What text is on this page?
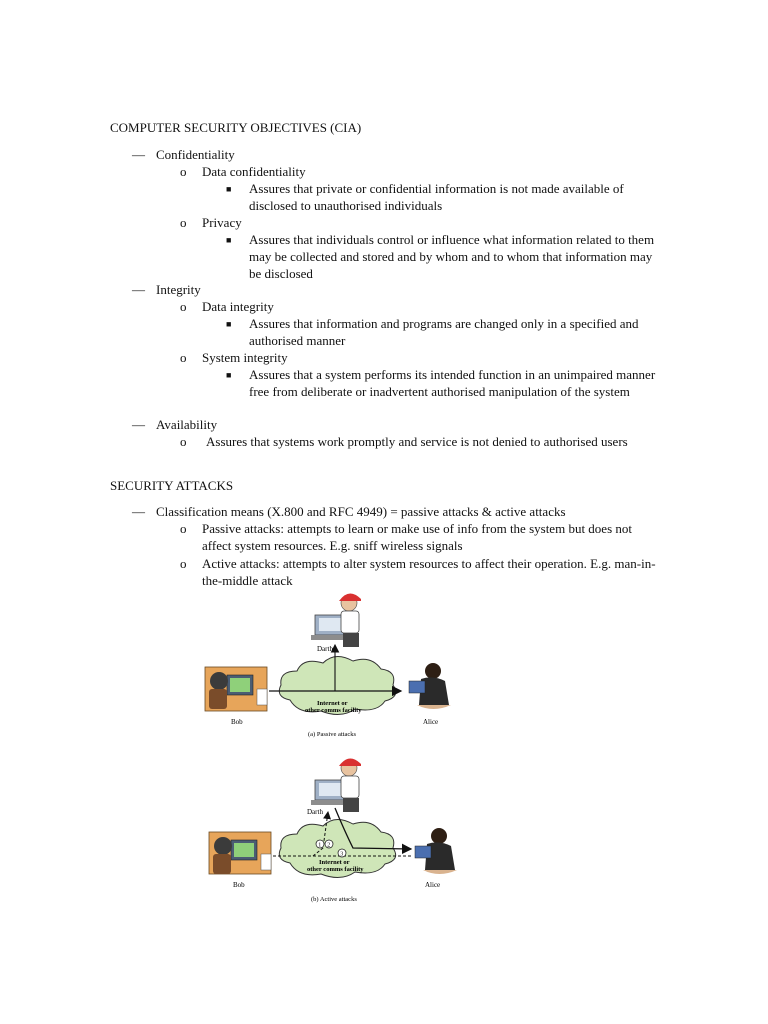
COMPUTER SECURITY OBJECTIVES (CIA)
— Confidentiality
o Data confidentiality
■ Assures that private or confidential information is not made available of disclosed to unauthorised individuals
o Privacy
■ Assures that individuals control or influence what information related to them may be collected and stored and by whom and to whom that information may be disclosed
— Integrity
o Data integrity
■ Assures that information and programs are changed only in a specified and authorised manner
o System integrity
■ Assures that a system performs its intended function in an unimpaired manner free from deliberate or inadvertent authorised manipulation of the system
— Availability
o	Assures that systems work promptly and service is not denied to authorised users
SECURITY ATTACKS
— Classification means (X.800 and RFC 4949) = passive attacks & active attacks
o Passive attacks: attempts to learn or make use of info from the system but does not affect system resources. E.g. sniff wireless signals
o Active attacks: attempts to alter system resources to affect their operation. E.g. man-in-the-middle attack
Darth
Bob
Internet or
other comms facility
Alice
(a) Passive attacks
Darth
Bob
Internet or
other comms facility
1 2
3
Alice
(b) Active attacks
